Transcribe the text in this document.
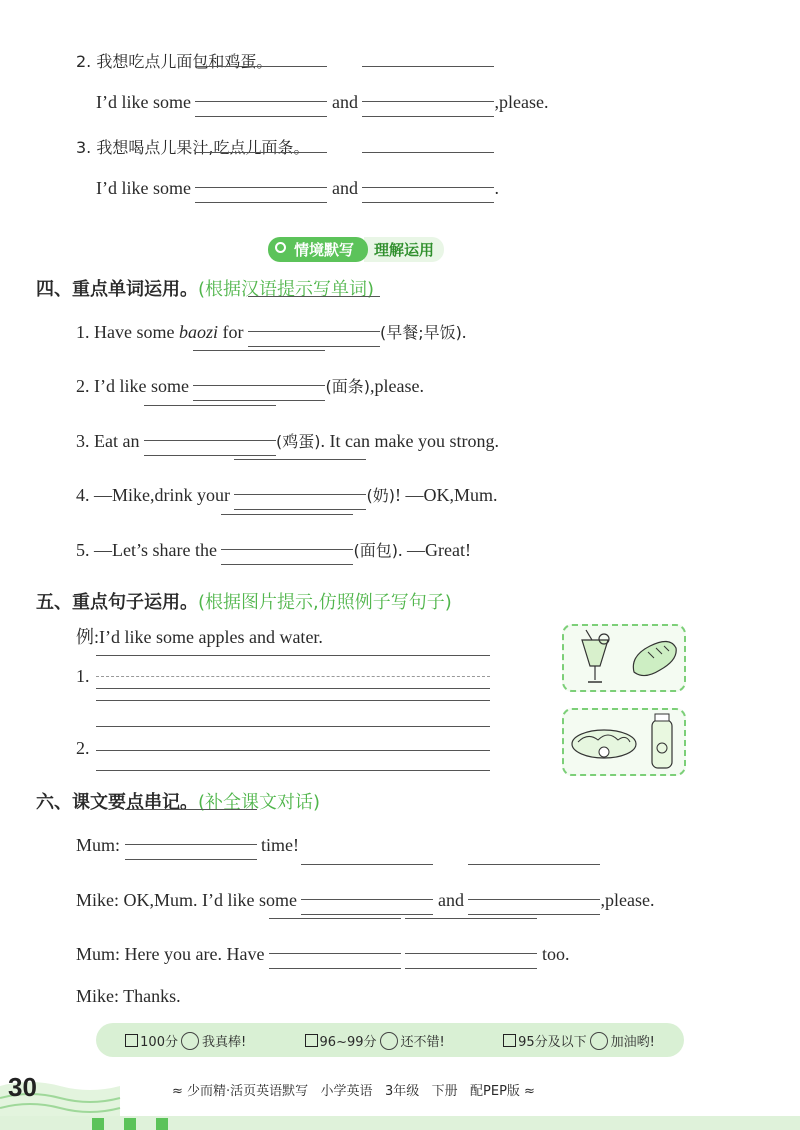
2. 我想吃点儿面包和鸡蛋。
I’d like some	and	,please.
3. 我想喝点儿果汁,吃点儿面条。
I’d like some	and	.
情境默写	理解运用
四、重点单词运用。(根据汉语提示写单词)
1. Have some baozi for	(早餐;早饭).
2. I’d like some	(面条),please.
3. Eat an	(鸡蛋). It can make you strong.
4. —Mike,drink your	(奶)! —OK,Mum.
5. —Let’s share the	(面包). —Great!
五、重点句子运用。(根据图片提示,仿照例子写句子)
例:I’d like some apples and water.
1.
2.
六、课文要点串记。(补全课文对话)
Mum:	time!
Mike: OK,Mum. I’d like some	and	,please.
Mum: Here you are. Have
	too.
Mike: Thanks.
100分 我真棒!	96~99分 还不错!	95分及以下 加油哟!
30	≈ 少而精·活页英语默写   小学英语   3年级   下册   配PEP版 ≈
